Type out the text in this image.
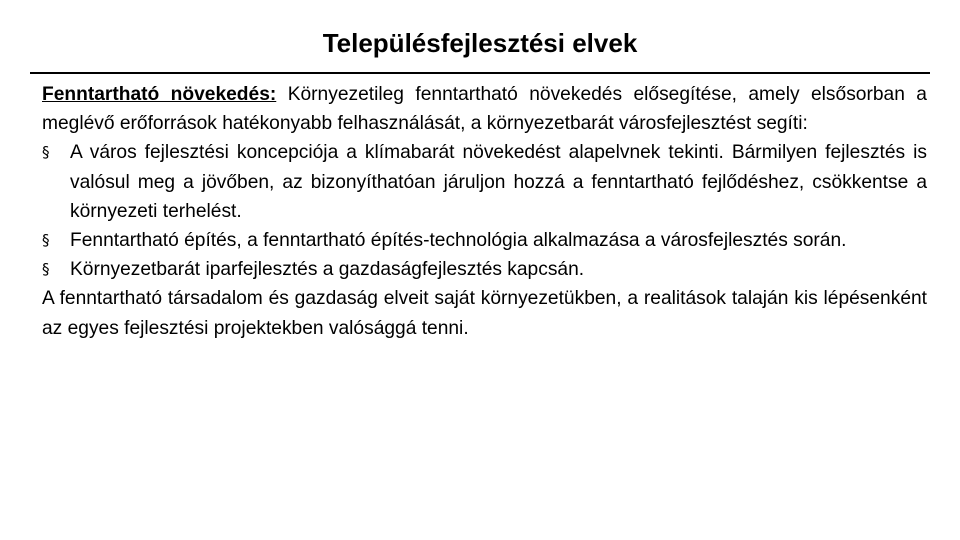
Településfejlesztési elvek

Fenntartható növekedés: Környezetileg fenntartható növekedés elősegítése, amely elsősorban a meglévő erőforrások hatékonyabb felhasználását, a környezetbarát városfejlesztést segíti:

§	A város fejlesztési koncepciója a klímabarát növekedést alapelvnek tekinti. Bármilyen fejlesztés is valósul meg a jövőben, az bizonyíthatóan járuljon hozzá a fenntartható fejlődéshez, csökkentse a környezeti terhelést.
§	Fenntartható építés, a fenntartható építés-technológia alkalmazása a városfejlesztés során.
§	Környezetbarát iparfejlesztés a gazdaságfejlesztés kapcsán.

A fenntartható társadalom és gazdaság elveit saját környezetükben, a realitások talaján kis lépésenként az egyes fejlesztési projektekben valósággá tenni.
